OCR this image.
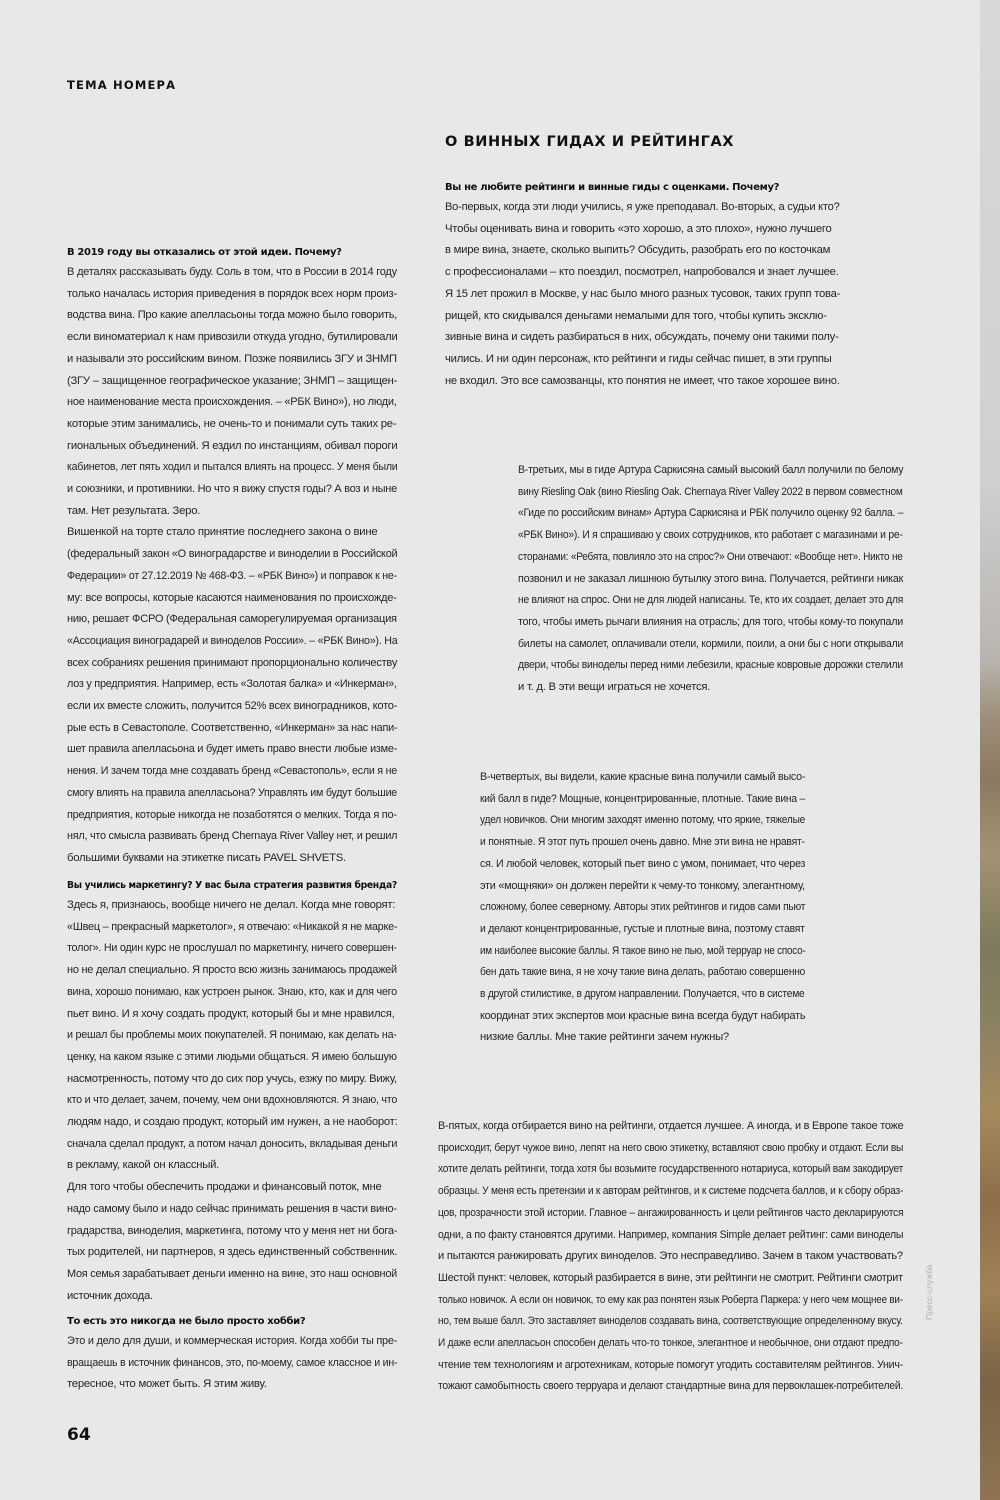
ТЕМА НОМЕРА
О ВИННЫХ ГИДАХ И РЕЙТИНГАХ
Вы не любите рейтинги и винные гиды с оценками. Почему?
Во-первых, когда эти люди учились, я уже преподавал. Во-вторых, а судьи кто?
Чтобы оценивать вина и говорить «это хорошо, а это плохо», нужно лучшего
в мире вина, знаете, сколько выпить? Обсудить, разобрать его по косточкам
с профессионалами – кто поездил, посмотрел, напробовался и знает лучшее.
Я 15 лет прожил в Москве, у нас было много разных тусовок, таких групп това-
рищей, кто скидывался деньгами немалыми для того, чтобы купить эксклю-
зивные вина и сидеть разбираться в них, обсуждать, почему они такими полу-
чились. И ни один персонаж, кто рейтинги и гиды сейчас пишет, в эти группы
не входил. Это все самозванцы, кто понятия не имеет, что такое хорошее вино.
В 2019 году вы отказались от этой идеи. Почему?
В деталях рассказывать буду. Соль в том, что в России в 2014 году
только началась история приведения в порядок всех норм произ-
водства вина. Про какие апелласьоны тогда можно было говорить,
если виноматериал к нам привозили откуда угодно, бутилировали
и называли это российским вином. Позже появились ЗГУ и ЗНМП
(ЗГУ – защищенное географическое указание; ЗНМП – защищен-
ное наименование места происхождения. – «РБК Вино»), но люди,
которые этим занимались, не очень-то и понимали суть таких ре-
гиональных объединений. Я ездил по инстанциям, обивал пороги
кабинетов, лет пять ходил и пытался влиять на процесс. У меня были
и союзники, и противники. Но что я вижу спустя годы? А воз и ныне
там. Нет результата. Зеро.
Вишенкой на торте стало принятие последнего закона о вине
(федеральный закон «О виноградарстве и виноделии в Российской
Федерации» от 27.12.2019 № 468-ФЗ. – «РБК Вино») и поправок к не-
му: все вопросы, которые касаются наименования по происхожде-
нию, решает ФСРО (Федеральная саморегулируемая организация
«Ассоциация виноградарей и виноделов России». – «РБК Вино»). На
всех собраниях решения принимают пропорционально количеству
лоз у предприятия. Например, есть «Золотая балка» и «Инкерман»,
если их вместе сложить, получится 52% всех виноградников, кото-
рые есть в Севастополе. Соответственно, «Инкерман» за нас напи-
шет правила апелласьона и будет иметь право внести любые изме-
нения. И зачем тогда мне создавать бренд «Севастополь», если я не
смогу влиять на правила апелласьона? Управлять им будут большие
предприятия, которые никогда не позаботятся о мелких. Тогда я по-
нял, что смысла развивать бренд Chernaya River Valley нет, и решил
большими буквами на этикетке писать PAVEL SHVETS.
В-третьих, мы в гиде Артура Саркисяна самый высокий балл получили по белому
вину Riesling Oak (вино Riesling Oak. Chernaya River Valley 2022 в первом совместном
«Гиде по российским винам» Артура Саркисяна и РБК получило оценку 92 балла. –
«РБК Вино»). И я спрашиваю у своих сотрудников, кто работает с магазинами и ре-
сторанами: «Ребята, повлияло это на спрос?» Они отвечают: «Вообще нет». Никто не
позвонил и не заказал лишнюю бутылку этого вина. Получается, рейтинги никак
не влияют на спрос. Они не для людей написаны. Те, кто их создает, делает это для
того, чтобы иметь рычаги влияния на отрасль; для того, чтобы кому-то покупали
билеты на самолет, оплачивали отели, кормили, поили, а они бы с ноги открывали
двери, чтобы виноделы перед ними лебезили, красные ковровые дорожки стелили
и т. д. В эти вещи играться не хочется.
В-четвертых, вы видели, какие красные вина получили самый высо-
кий балл в гиде? Мощные, концентрированные, плотные. Такие вина –
удел новичков. Они многим заходят именно потому, что яркие, тяжелые
и понятные. Я этот путь прошел очень давно. Мне эти вина не нравят-
ся. И любой человек, который пьет вино с умом, понимает, что через
эти «мощняки» он должен перейти к чему-то тонкому, элегантному,
сложному, более северному. Авторы этих рейтингов и гидов сами пьют
и делают концентрированные, густые и плотные вина, поэтому ставят
им наиболее высокие баллы. Я такое вино не пью, мой терруар не спосо-
бен дать такие вина, я не хочу такие вина делать, работаю совершенно
в другой стилистике, в другом направлении. Получается, что в системе
координат этих экспертов мои красные вина всегда будут набирать
низкие баллы. Мне такие рейтинги зачем нужны?
Вы учились маркетингу? У вас была стратегия развития бренда?
Здесь я, признаюсь, вообще ничего не делал. Когда мне говорят:
«Швец – прекрасный маркетолог», я отвечаю: «Никакой я не марке-
толог». Ни один курс не прослушал по маркетингу, ничего совершен-
но не делал специально. Я просто всю жизнь занимаюсь продажей
вина, хорошо понимаю, как устроен рынок. Знаю, кто, как и для чего
пьет вино. И я хочу создать продукт, который бы и мне нравился,
и решал бы проблемы моих покупателей. Я понимаю, как делать на-
ценку, на каком языке с этими людьми общаться. Я имею большую
насмотренность, потому что до сих пор учусь, езжу по миру. Вижу,
кто и что делает, зачем, почему, чем они вдохновляются. Я знаю, что
людям надо, и создаю продукт, который им нужен, а не наоборот:
сначала сделал продукт, а потом начал доносить, вкладывая деньги
в рекламу, какой он классный.
Для того чтобы обеспечить продажи и финансовый поток, мне
надо самому было и надо сейчас принимать решения в части вино-
градарства, виноделия, маркетинга, потому что у меня нет ни бога-
тых родителей, ни партнеров, я здесь единственный собственник.
Моя семья зарабатывает деньги именно на вине, это наш основной
источник дохода.
То есть это никогда не было просто хобби?
Это и дело для души, и коммерческая история. Когда хобби ты пре-
вращаешь в источник финансов, это, по-моему, самое классное и ин-
тересное, что может быть. Я этим живу.
В-пятых, когда отбирается вино на рейтинги, отдается лучшее. А иногда, и в Европе такое тоже
происходит, берут чужое вино, лепят на него свою этикетку, вставляют свою пробку и отдают. Если вы
хотите делать рейтинги, тогда хотя бы возьмите государственного нотариуса, который вам закодирует
образцы. У меня есть претензии и к авторам рейтингов, и к системе подсчета баллов, и к сбору образ-
цов, прозрачности этой истории. Главное – ангажированность и цели рейтингов часто декларируются
одни, а по факту становятся другими. Например, компания Simple делает рейтинг: сами виноделы
и пытаются ранжировать других виноделов. Это несправедливо. Зачем в таком участвовать?
Шестой пункт: человек, который разбирается в вине, эти рейтинги не смотрит. Рейтинги смотрит
только новичок. А если он новичок, то ему как раз понятен язык Роберта Паркера: у него чем мощнее ви-
но, тем выше балл. Это заставляет виноделов создавать вина, соответствующие определенному вкусу.
И даже если апелласьон способен делать что-то тонкое, элегантное и необычное, они отдают предпо-
чтение тем технологиям и агротехникам, которые помогут угодить составителям рейтингов. Унич-
тожают самобытность своего терруара и делают стандартные вина для первоклашек-потребителей.
64
Пресс-служба
